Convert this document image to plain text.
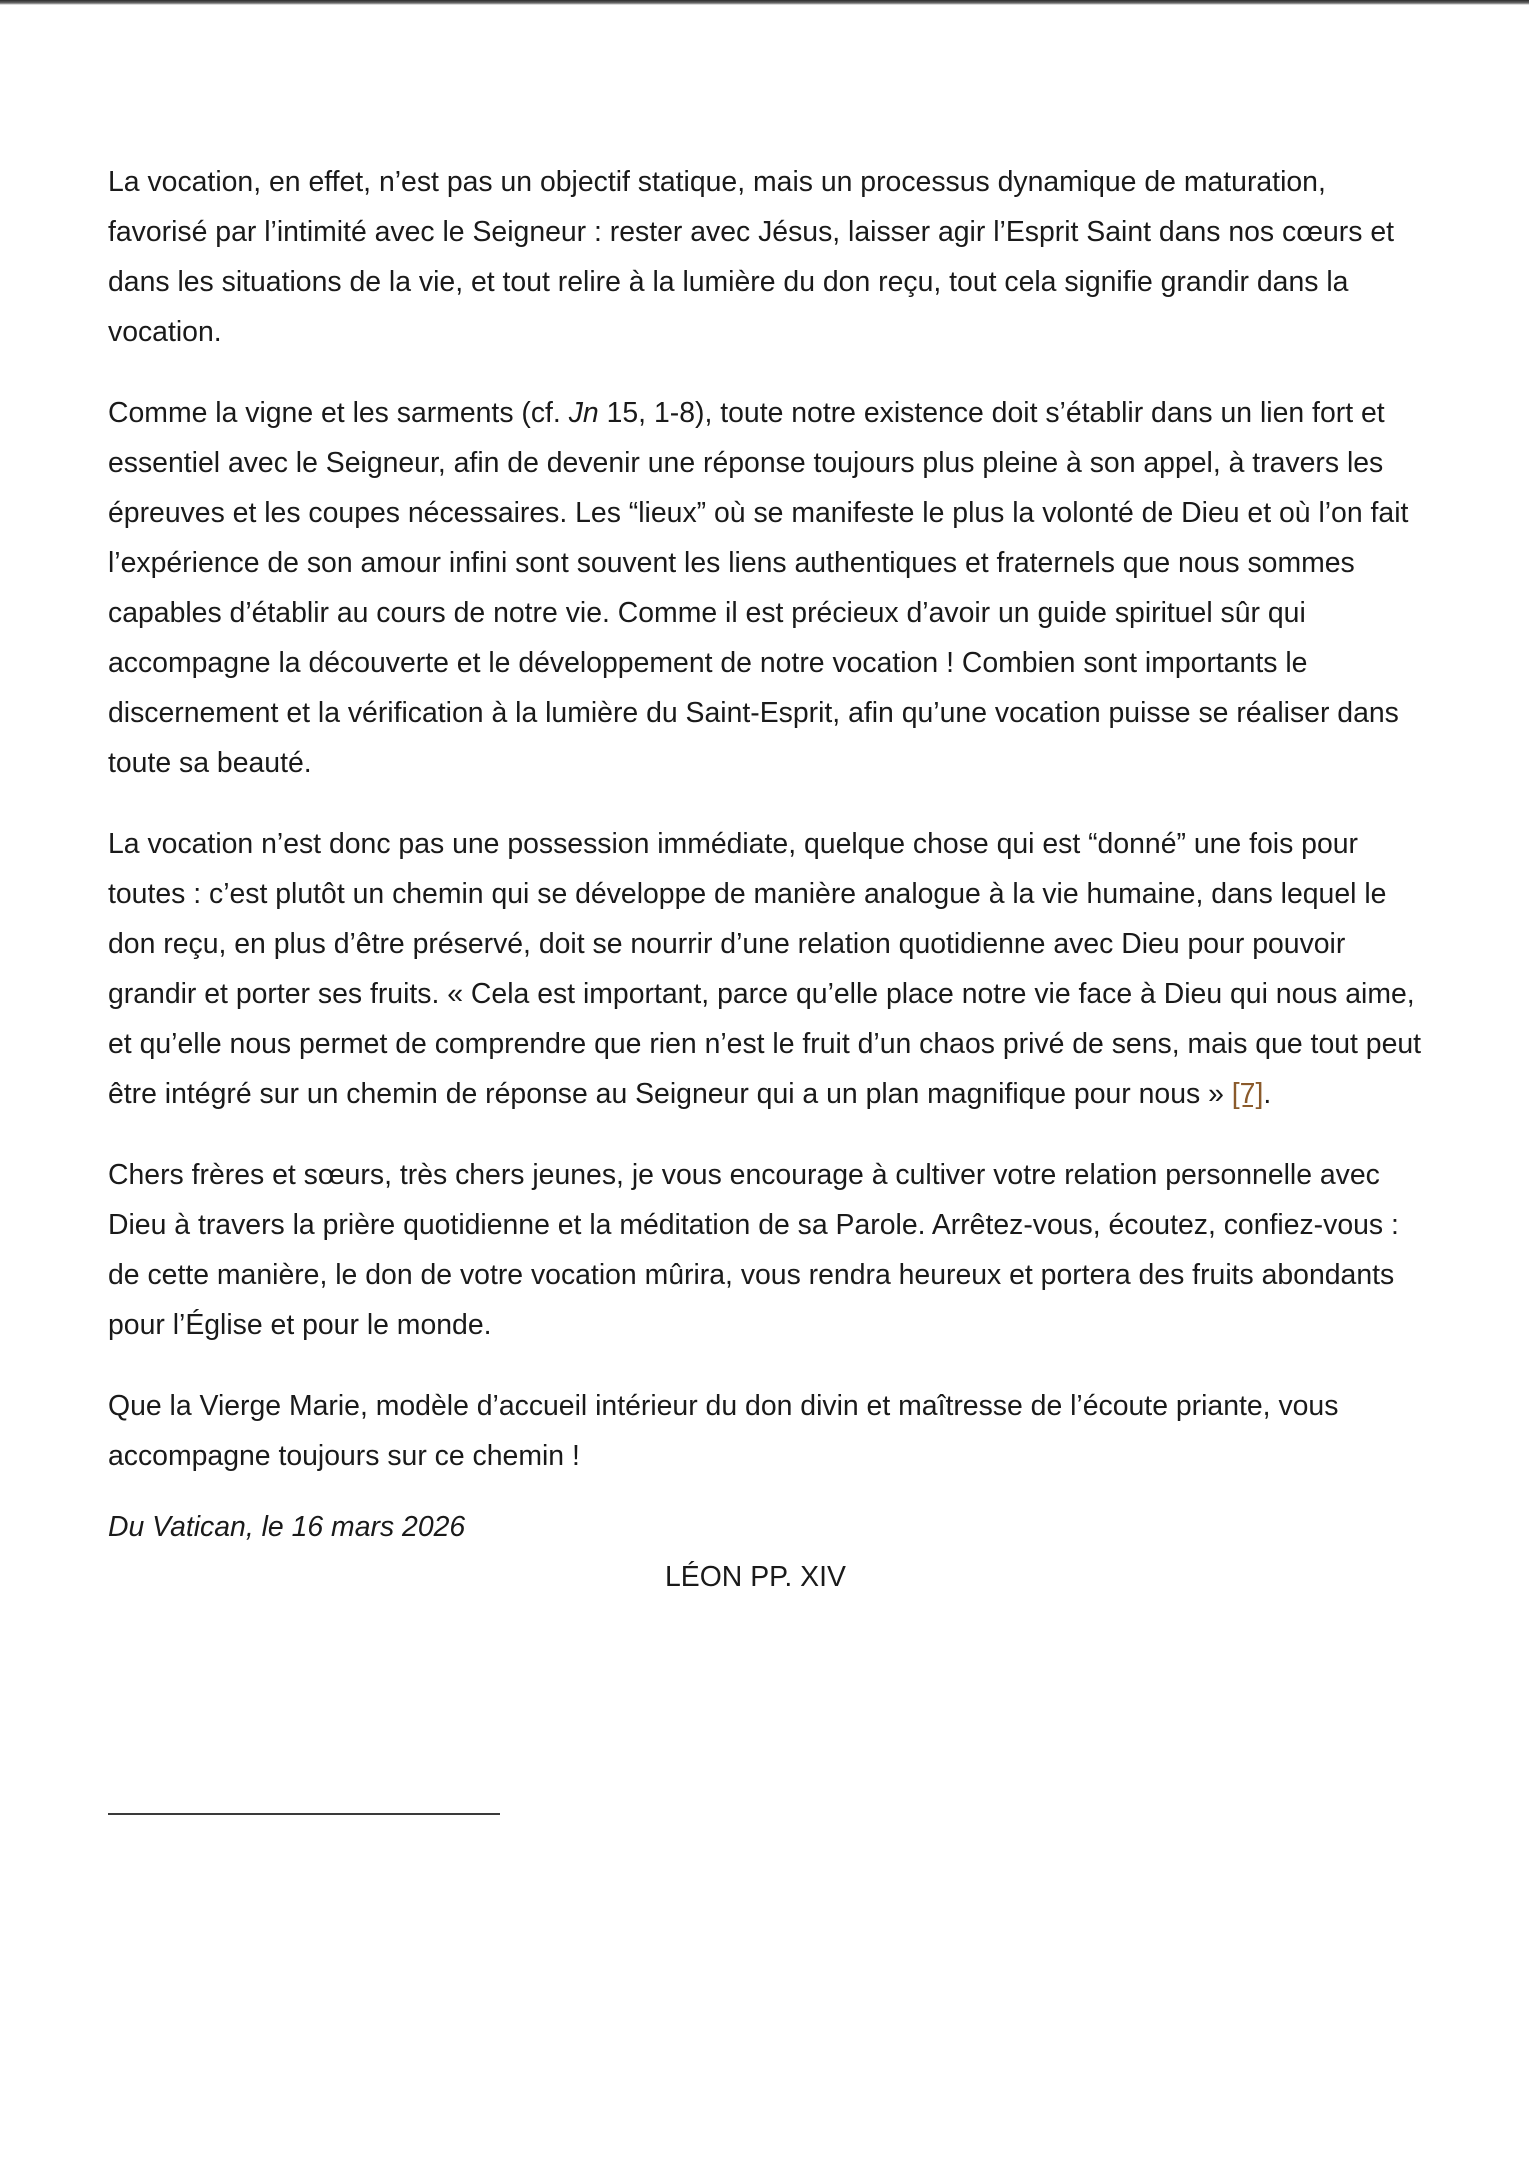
La vocation, en effet, n’est pas un objectif statique, mais un processus dynamique de maturation, favorisé par l’intimité avec le Seigneur : rester avec Jésus, laisser agir l’Esprit Saint dans nos cœurs et dans les situations de la vie, et tout relire à la lumière du don reçu, tout cela signifie grandir dans la vocation.

Comme la vigne et les sarments (cf. Jn 15, 1-8), toute notre existence doit s’établir dans un lien fort et essentiel avec le Seigneur, afin de devenir une réponse toujours plus pleine à son appel, à travers les épreuves et les coupes nécessaires. Les “lieux” où se manifeste le plus la volonté de Dieu et où l’on fait l’expérience de son amour infini sont souvent les liens authentiques et fraternels que nous sommes capables d’établir au cours de notre vie. Comme il est précieux d’avoir un guide spirituel sûr qui accompagne la découverte et le développement de notre vocation ! Combien sont importants le discernement et la vérification à la lumière du Saint-Esprit, afin qu’une vocation puisse se réaliser dans toute sa beauté.

La vocation n’est donc pas une possession immédiate, quelque chose qui est “donné” une fois pour toutes : c’est plutôt un chemin qui se développe de manière analogue à la vie humaine, dans lequel le don reçu, en plus d’être préservé, doit se nourrir d’une relation quotidienne avec Dieu pour pouvoir grandir et porter ses fruits. « Cela est important, parce qu’elle place notre vie face à Dieu qui nous aime, et qu’elle nous permet de comprendre que rien n’est le fruit d’un chaos privé de sens, mais que tout peut être intégré sur un chemin de réponse au Seigneur qui a un plan magnifique pour nous » [7].

Chers frères et sœurs, très chers jeunes, je vous encourage à cultiver votre relation personnelle avec Dieu à travers la prière quotidienne et la méditation de sa Parole. Arrêtez-vous, écoutez, confiez-vous : de cette manière, le don de votre vocation mûrira, vous rendra heureux et portera des fruits abondants pour l’Église et pour le monde.

Que la Vierge Marie, modèle d’accueil intérieur du don divin et maîtresse de l’écoute priante, vous accompagne toujours sur ce chemin !

Du Vatican, le 16 mars 2026

LÉON PP. XIV
